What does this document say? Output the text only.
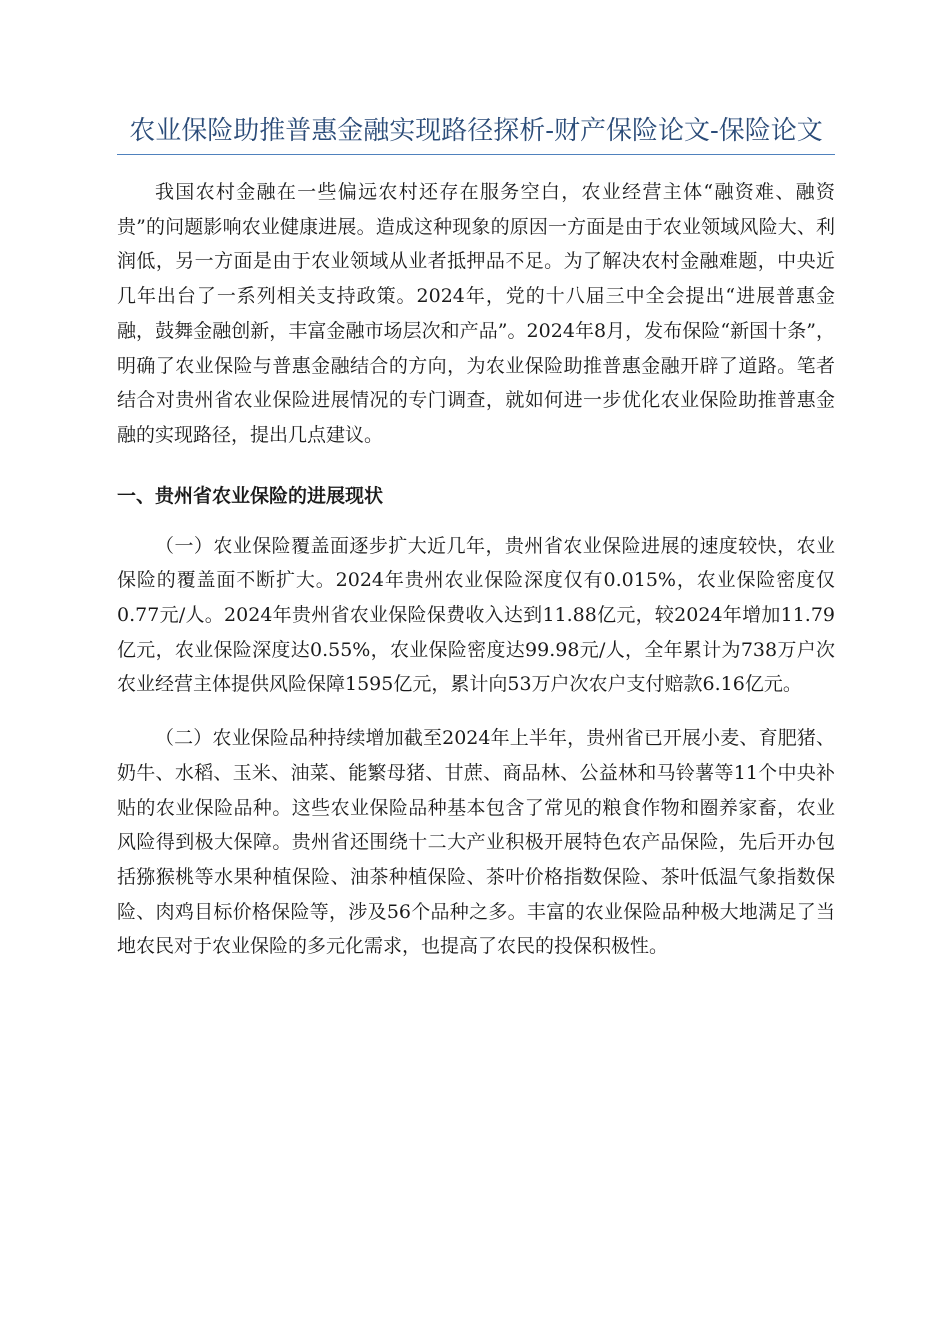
农业保险助推普惠金融实现路径探析-财产保险论文-保险论文

我国农村金融在一些偏远农村还存在服务空白，农业经营主体“融资难、融资贵”的问题影响农业健康进展。造成这种现象的原因一方面是由于农业领域风险大、利润低，另一方面是由于农业领域从业者抵押品不足。为了解决农村金融难题，中央近几年出台了一系列相关支持政策。2024年，党的十八届三中全会提出“进展普惠金融，鼓舞金融创新，丰富金融市场层次和产品”。2024年8月，发布保险“新国十条”，明确了农业保险与普惠金融结合的方向，为农业保险助推普惠金融开辟了道路。笔者结合对贵州省农业保险进展情况的专门调查，就如何进一步优化农业保险助推普惠金融的实现路径，提出几点建议。

一、贵州省农业保险的进展现状

（一）农业保险覆盖面逐步扩大近几年，贵州省农业保险进展的速度较快，农业保险的覆盖面不断扩大。2024年贵州农业保险深度仅有0.015%，农业保险密度仅0.77元/人。2024年贵州省农业保险保费收入达到11.88亿元，较2024年增加11.79亿元，农业保险深度达0.55%，农业保险密度达99.98元/人，全年累计为738万户次农业经营主体提供风险保障1595亿元，累计向53万户次农户支付赔款6.16亿元。

（二）农业保险品种持续增加截至2024年上半年，贵州省已开展小麦、育肥猪、奶牛、水稻、玉米、油菜、能繁母猪、甘蔗、商品林、公益林和马铃薯等11个中央补贴的农业保险品种。这些农业保险品种基本包含了常见的粮食作物和圈养家畜，农业风险得到极大保障。贵州省还围绕十二大产业积极开展特色农产品保险，先后开办包括猕猴桃等水果种植保险、油茶种植保险、茶叶价格指数保险、茶叶低温气象指数保险、肉鸡目标价格保险等，涉及56个品种之多。丰富的农业保险品种极大地满足了当地农民对于农业保险的多元化需求，也提高了农民的投保积极性。
